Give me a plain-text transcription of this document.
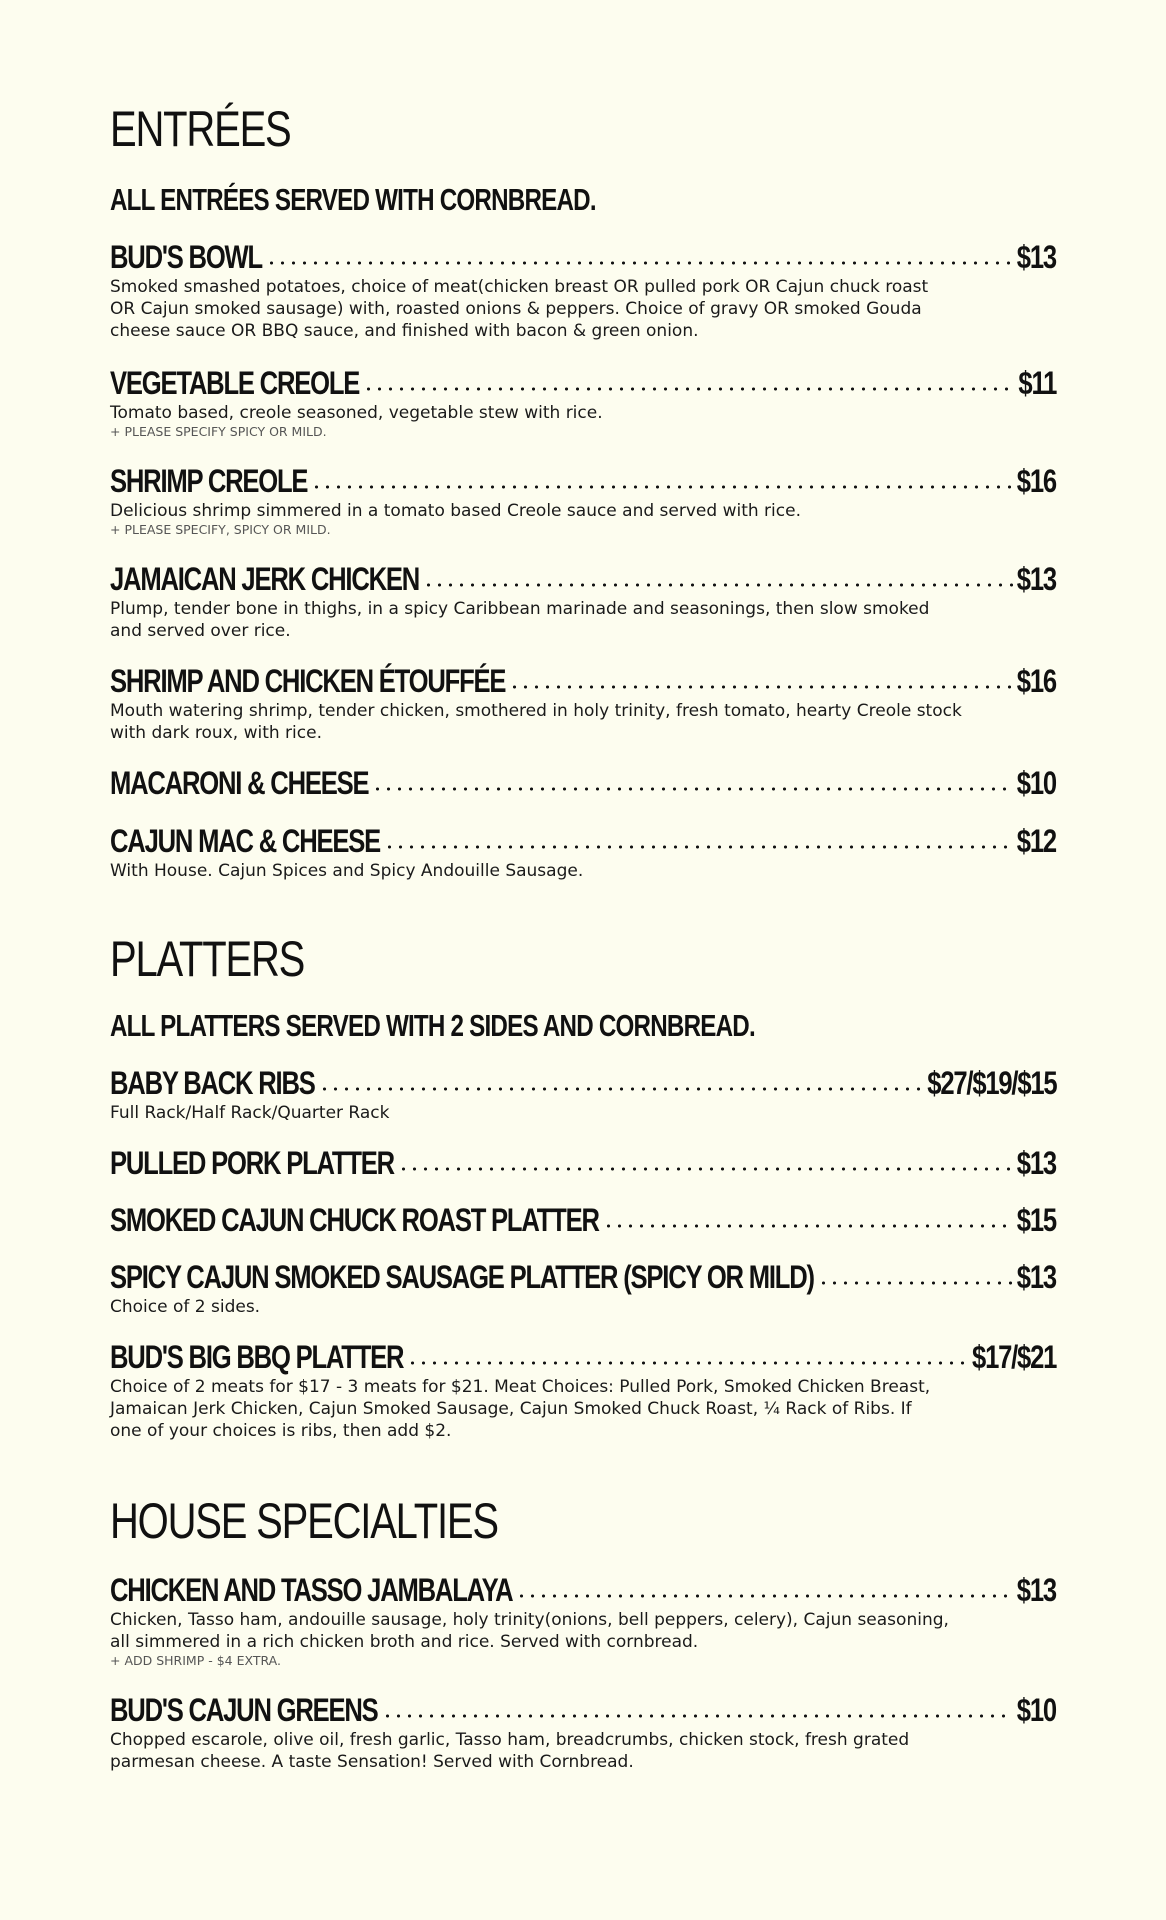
ENTRÉES
ALL ENTRÉES SERVED WITH CORNBREAD.
BUD'S BOWL	$13

Smoked smashed potatoes, choice of meat(chicken breast OR pulled pork OR Cajun chuck roast

OR Cajun smoked sausage) with, roasted onions & peppers. Choice of gravy OR smoked Gouda

cheese sauce OR BBQ sauce, and finished with bacon & green onion.

VEGETABLE CREOLE	$11

Tomato based, creole seasoned, vegetable stew with rice.

+ PLEASE SPECIFY SPICY OR MILD.

SHRIMP CREOLE	$16

Delicious shrimp simmered in a tomato based Creole sauce and served with rice.

+ PLEASE SPECIFY, SPICY OR MILD.

JAMAICAN JERK CHICKEN	$13

Plump, tender bone in thighs, in a spicy Caribbean marinade and seasonings, then slow smoked

and served over rice.

SHRIMP AND CHICKEN ÉTOUFFÉE	$16

Mouth watering shrimp, tender chicken, smothered in holy trinity, fresh tomato, hearty Creole stock

with dark roux, with rice.

MACARONI & CHEESE	$10
CAJUN MAC & CHEESE	$12

With House. Cajun Spices and Spicy Andouille Sausage.

PLATTERS
ALL PLATTERS SERVED WITH 2 SIDES AND CORNBREAD.
BABY BACK RIBS	$27/$19/$15

Full Rack/Half Rack/Quarter Rack

PULLED PORK PLATTER	$13
SMOKED CAJUN CHUCK ROAST PLATTER	$15
SPICY CAJUN SMOKED SAUSAGE PLATTER (SPICY OR MILD)	$13

Choice of 2 sides.

BUD'S BIG BBQ PLATTER	$17/$21

Choice of 2 meats for $17 - 3 meats for $21. Meat Choices: Pulled Pork, Smoked Chicken Breast,

Jamaican Jerk Chicken, Cajun Smoked Sausage, Cajun Smoked Chuck Roast, ¼ Rack of Ribs. If

one of your choices is ribs, then add $2.

HOUSE SPECIALTIES
CHICKEN AND TASSO JAMBALAYA	$13

Chicken, Tasso ham, andouille sausage, holy trinity(onions, bell peppers, celery), Cajun seasoning,

all simmered in a rich chicken broth and rice. Served with cornbread.

+ ADD SHRIMP - $4 EXTRA.

BUD'S CAJUN GREENS	$10

Chopped escarole, olive oil, fresh garlic, Tasso ham, breadcrumbs, chicken stock, fresh grated

parmesan cheese. A taste Sensation! Served with Cornbread.
